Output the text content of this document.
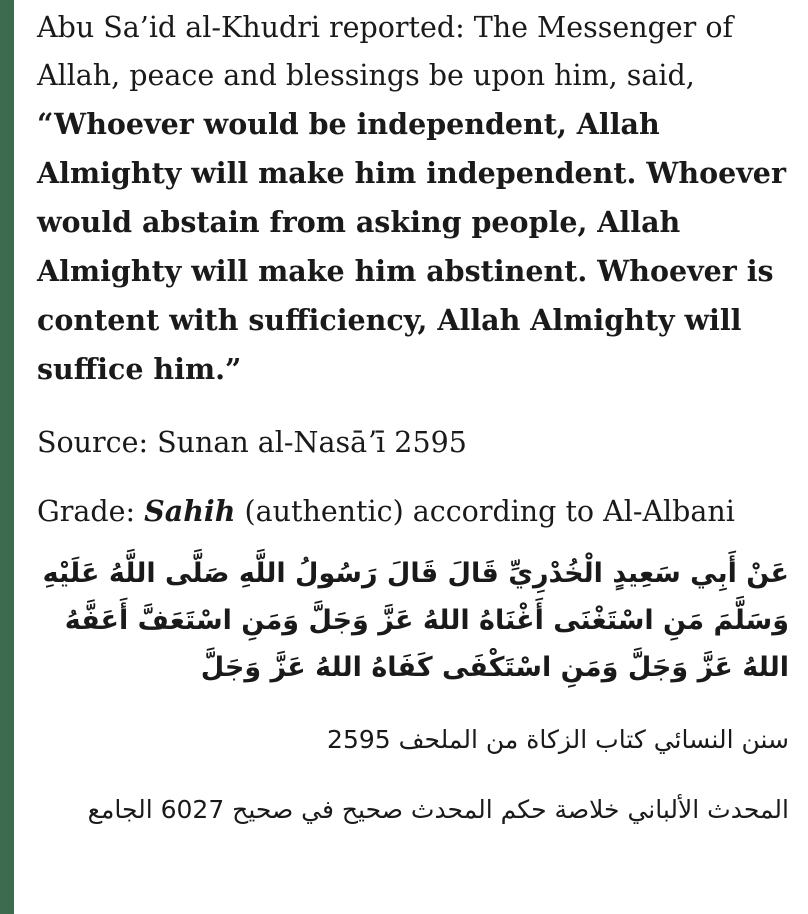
Abu Sa’id al-Khudri reported: The Messenger of Allah, peace and blessings be upon him, said, “Whoever would be independent, Allah Almighty will make him independent. Whoever would abstain from asking people, Allah Almighty will make him abstinent. Whoever is content with sufficiency, Allah Almighty will suffice him.”

Source: Sunan al-Nasāʼī 2595

Grade: Sahih (authentic) according to Al-Albani

عَنْ أَبِي سَعِيدٍ الْخُدْرِيِّ قَالَ قَالَ رَسُولُ اللَّهِ صَلَّى اللَّهُ عَلَيْهِ وَسَلَّمَ مَنِ اسْتَغْنَى أَغْنَاهُ اللهُ عَزَّ وَجَلَّ وَمَنِ اسْتَعَفَّ أَعَفَّهُ اللهُ عَزَّ وَجَلَّ وَمَنِ اسْتَكْفَى كَفَاهُ اللهُ عَزَّ وَجَلَّ

سنن النسائي كتاب الزكاة من الملحف 2595

المحدث الألباني خلاصة حكم المحدث صحيح في صحيح 6027 الجامع
